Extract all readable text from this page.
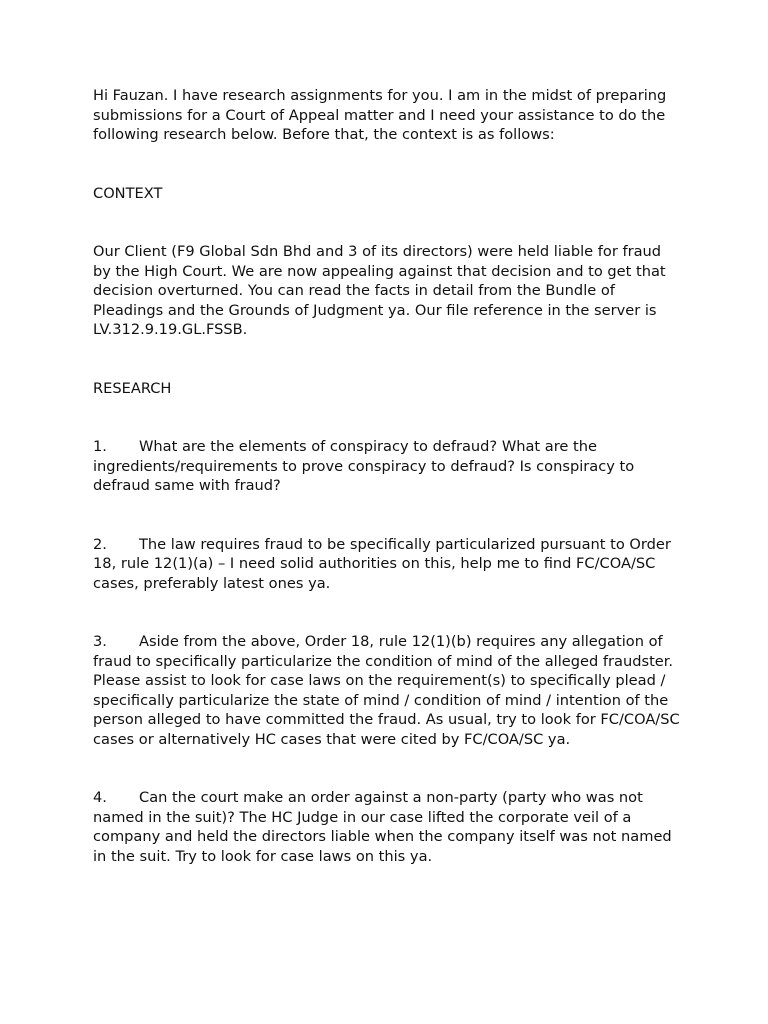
Hi Fauzan. I have research assignments for you. I am in the midst of preparing submissions for a Court of Appeal matter and I need your assistance to do the following research below. Before that, the context is as follows:

CONTEXT

Our Client (F9 Global Sdn Bhd and 3 of its directors) were held liable for fraud by the High Court. We are now appealing against that decision and to get that decision overturned. You can read the facts in detail from the Bundle of Pleadings and the Grounds of Judgment ya. Our file reference in the server is LV.312.9.19.GL.FSSB.

RESEARCH

1. What are the elements of conspiracy to defraud? What are the ingredients/requirements to prove conspiracy to defraud? Is conspiracy to defraud same with fraud?

2. The law requires fraud to be specifically particularized pursuant to Order 18, rule 12(1)(a) – I need solid authorities on this, help me to find FC/COA/SC cases, preferably latest ones ya.

3. Aside from the above, Order 18, rule 12(1)(b) requires any allegation of fraud to specifically particularize the condition of mind of the alleged fraudster. Please assist to look for case laws on the requirement(s) to specifically plead / specifically particularize the state of mind / condition of mind / intention of the person alleged to have committed the fraud. As usual, try to look for FC/COA/SC cases or alternatively HC cases that were cited by FC/COA/SC ya.

4. Can the court make an order against a non-party (party who was not named in the suit)? The HC Judge in our case lifted the corporate veil of a company and held the directors liable when the company itself was not named in the suit. Try to look for case laws on this ya.
